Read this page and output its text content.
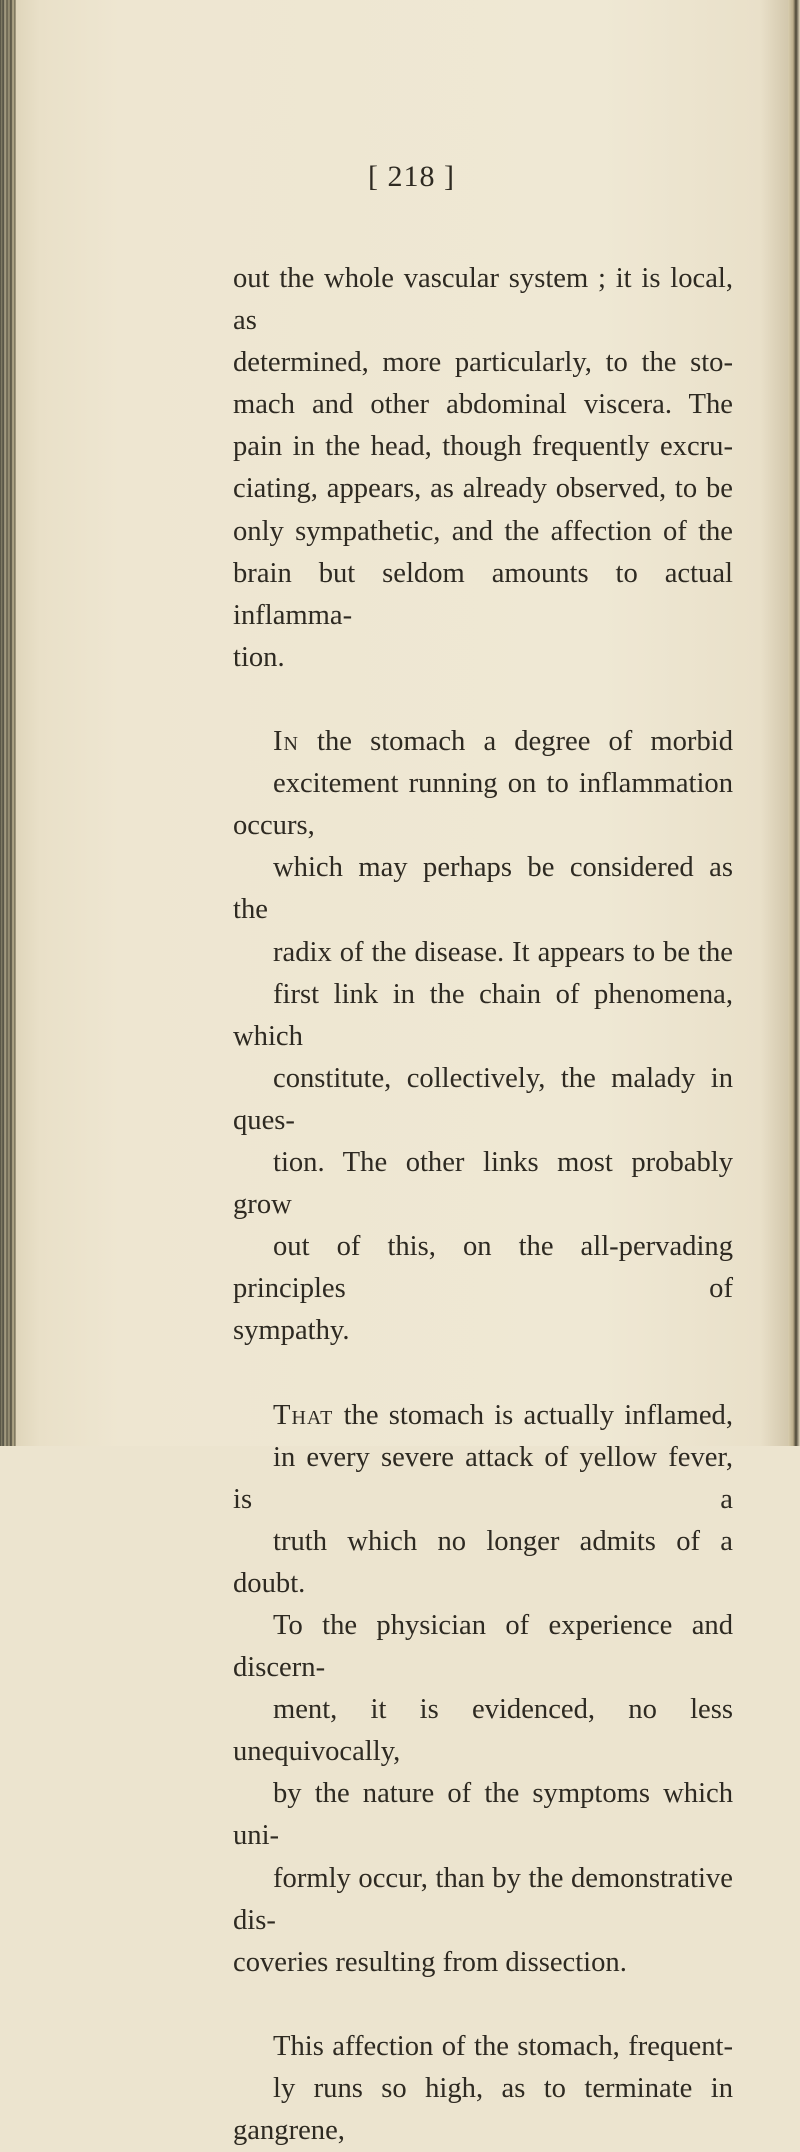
[ 218 ]

out the whole vascular system ; it is local, as
determined, more particularly, to the sto-
mach and other abdominal viscera. The
pain in the head, though frequently excru-
ciating, appears, as already observed, to be
only sympathetic, and the affection of the
brain but seldom amounts to actual inflamma-
tion.

In the stomach a degree of morbid
excitement running on to inflammation occurs,
which may perhaps be considered as the
radix of the disease. It appears to be the
first link in the chain of phenomena, which
constitute, collectively, the malady in ques-
tion. The other links most probably grow
out of this, on the all-pervading principles of
sympathy.

That the stomach is actually inflamed,
in every severe attack of yellow fever, is a
truth which no longer admits of a doubt.
To the physician of experience and discern-
ment, it is evidenced, no less unequivocally,
by the nature of the symptoms which uni-
formly occur, than by the demonstrative dis-
coveries resulting from dissection.

This affection of the stomach, frequent-
ly runs so high, as to terminate in gangrene,
